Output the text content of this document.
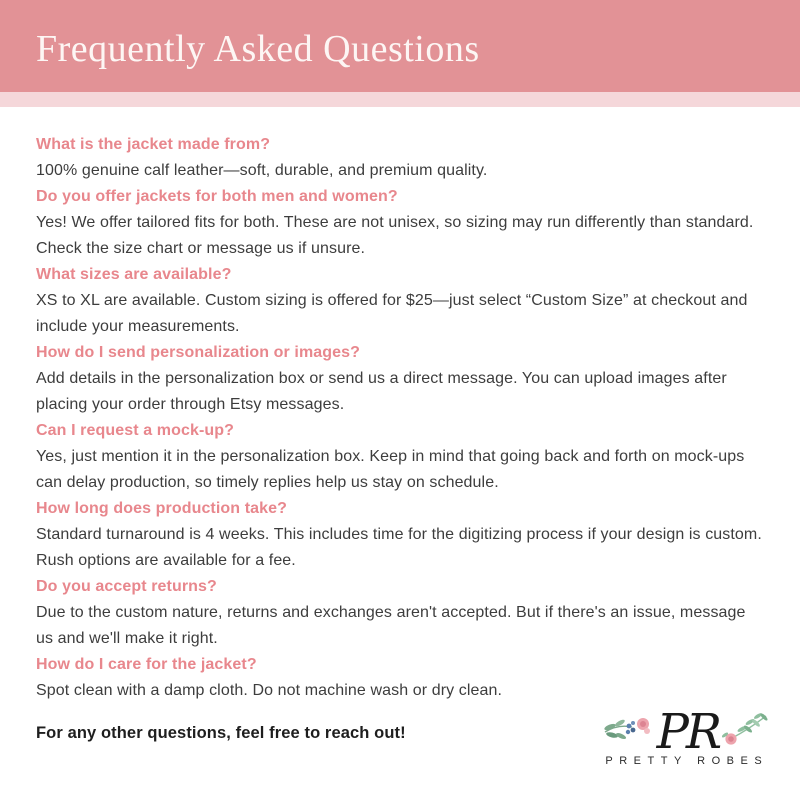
Frequently Asked Questions

What is the jacket made from?

100% genuine calf leather—soft, durable, and premium quality.

Do you offer jackets for both men and women?

Yes! We offer tailored fits for both. These are not unisex, so sizing may run differently than standard. Check the size chart or message us if unsure.

What sizes are available?

XS to XL are available. Custom sizing is offered for $25—just select “Custom Size” at checkout and include your measurements.

How do I send personalization or images?

Add details in the personalization box or send us a direct message. You can upload images after placing your order through Etsy messages.

Can I request a mock-up?

Yes, just mention it in the personalization box. Keep in mind that going back and forth on mock-ups can delay production, so timely replies help us stay on schedule.

How long does production take?

Standard turnaround is 4 weeks. This includes time for the digitizing process if your design is custom. Rush options are available for a fee.

Do you accept returns?

Due to the custom nature, returns and exchanges aren't accepted. But if there's an issue, message us and we'll make it right.

How do I care for the jacket?

Spot clean with a damp cloth. Do not machine wash or dry clean.

For any other questions, feel free to reach out!	PR
PRETTY ROBES
